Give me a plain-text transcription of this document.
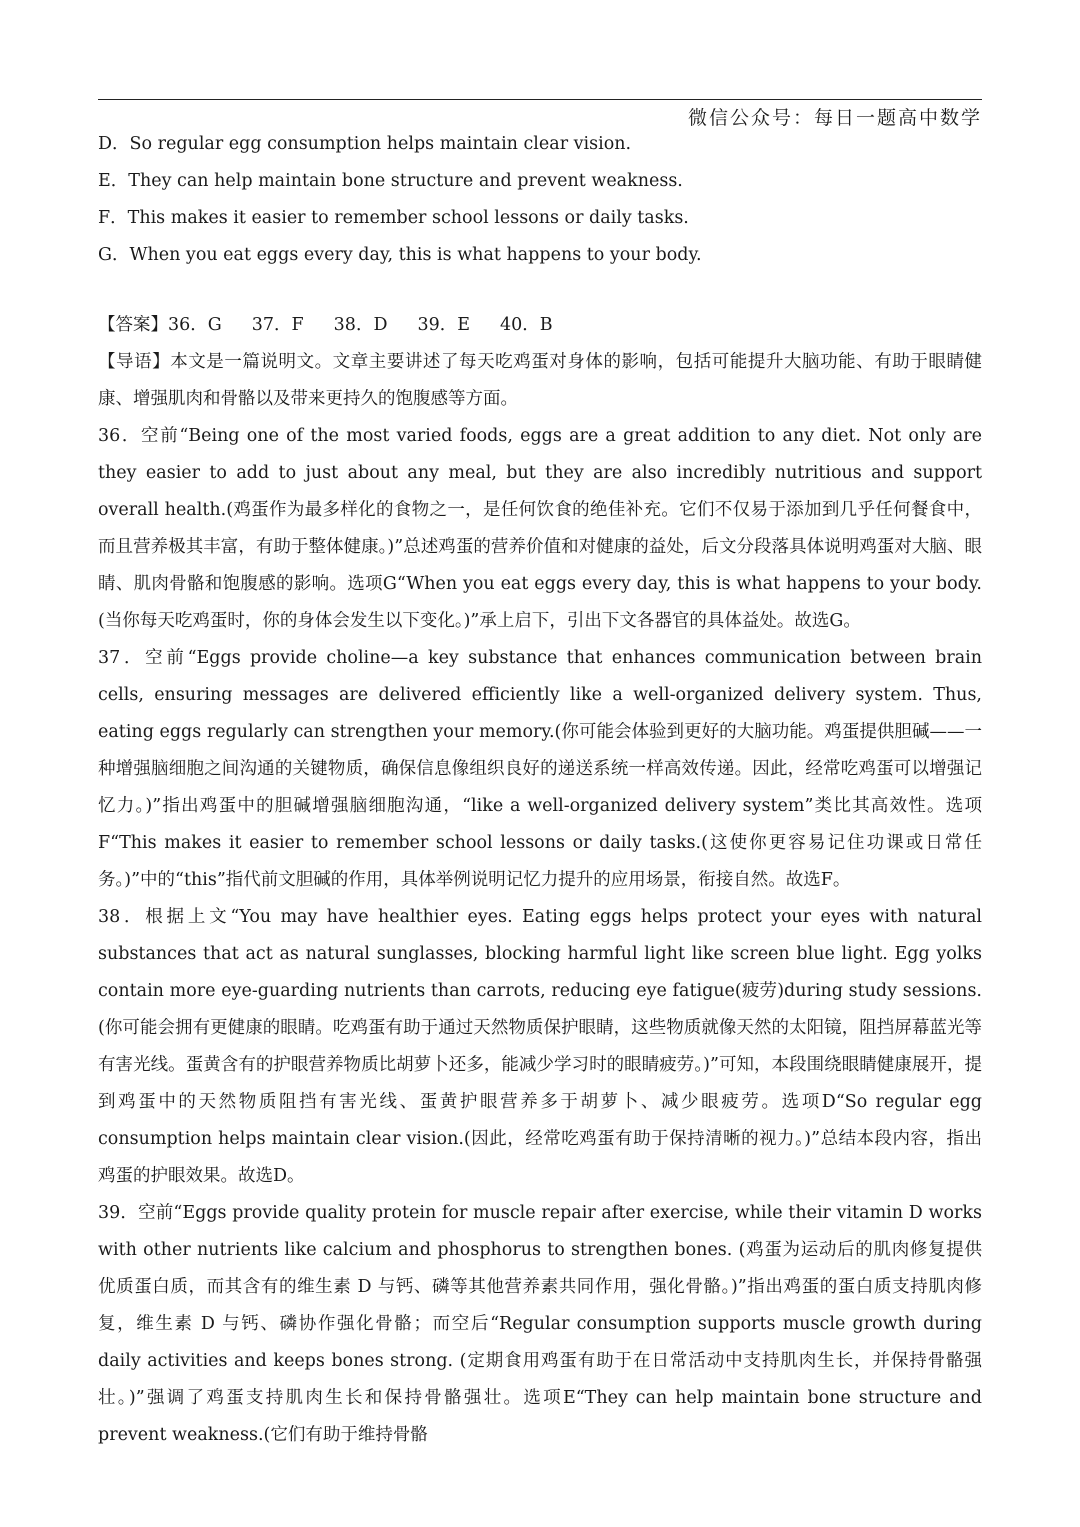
微信公众号：每日一题高中数学

D．So regular egg consumption helps maintain clear vision.

E．They can help maintain bone structure and prevent weakness.

F．This makes it easier to remember school lessons or daily tasks.

G．When you eat eggs every day, this is what happens to your body.

【答案】36．G 37．F 38．D 39．E 40．B

【导语】本文是一篇说明文。文章主要讲述了每天吃鸡蛋对身体的影响，包括可能提升大脑功能、有助于眼睛健康、增强肌肉和骨骼以及带来更持久的饱腹感等方面。

36．空前“Being one of the most varied foods, eggs are a great addition to any diet. Not only are they easier to add to just about any meal, but they are also incredibly nutritious and support overall health.(鸡蛋作为最多样化的食物之一，是任何饮食的绝佳补充。它们不仅易于添加到几乎任何餐食中，而且营养极其丰富，有助于整体健康。)”总述鸡蛋的营养价值和对健康的益处，后文分段落具体说明鸡蛋对大脑、眼睛、肌肉骨骼和饱腹感的影响。选项G“When you eat eggs every day, this is what happens to your body.(当你每天吃鸡蛋时，你的身体会发生以下变化。)”承上启下，引出下文各器官的具体益处。故选G。

37．空前“Eggs provide choline—a key substance that enhances communication between brain cells, ensuring messages are delivered efficiently like a well-organized delivery system. Thus, eating eggs regularly can strengthen your memory.(你可能会体验到更好的大脑功能。鸡蛋提供胆碱——一种增强脑细胞之间沟通的关键物质，确保信息像组织良好的递送系统一样高效传递。因此，经常吃鸡蛋可以增强记忆力。)”指出鸡蛋中的胆碱增强脑细胞沟通，“like a well-organized delivery system”类比其高效性。选项F“This makes it easier to remember school lessons or daily tasks.(这使你更容易记住功课或日常任务。)”中的“this”指代前文胆碱的作用，具体举例说明记忆力提升的应用场景，衔接自然。故选F。

38．根据上文“You may have healthier eyes. Eating eggs helps protect your eyes with natural substances that act as natural sunglasses, blocking harmful light like screen blue light. Egg yolks contain more eye-guarding nutrients than carrots, reducing eye fatigue(疲劳)during study sessions.(你可能会拥有更健康的眼睛。吃鸡蛋有助于通过天然物质保护眼睛，这些物质就像天然的太阳镜，阻挡屏幕蓝光等有害光线。蛋黄含有的护眼营养物质比胡萝卜还多，能减少学习时的眼睛疲劳。)”可知，本段围绕眼睛健康展开，提到鸡蛋中的天然物质阻挡有害光线、蛋黄护眼营养多于胡萝卜、减少眼疲劳。选项D“So regular egg consumption helps maintain clear vision.(因此，经常吃鸡蛋有助于保持清晰的视力。)”总结本段内容，指出鸡蛋的护眼效果。故选D。

39．空前“Eggs provide quality protein for muscle repair after exercise, while their vitamin D works with other nutrients like calcium and phosphorus to strengthen bones. (鸡蛋为运动后的肌肉修复提供优质蛋白质，而其含有的维生素 D 与钙、磷等其他营养素共同作用，强化骨骼。)”指出鸡蛋的蛋白质支持肌肉修复，维生素 D 与钙、磷协作强化骨骼；而空后“Regular consumption supports muscle growth during daily activities and keeps bones strong. (定期食用鸡蛋有助于在日常活动中支持肌肉生长，并保持骨骼强壮。)”强调了鸡蛋支持肌肉生长和保持骨骼强壮。选项E“They can help maintain bone structure and prevent weakness.(它们有助于维持骨骼
